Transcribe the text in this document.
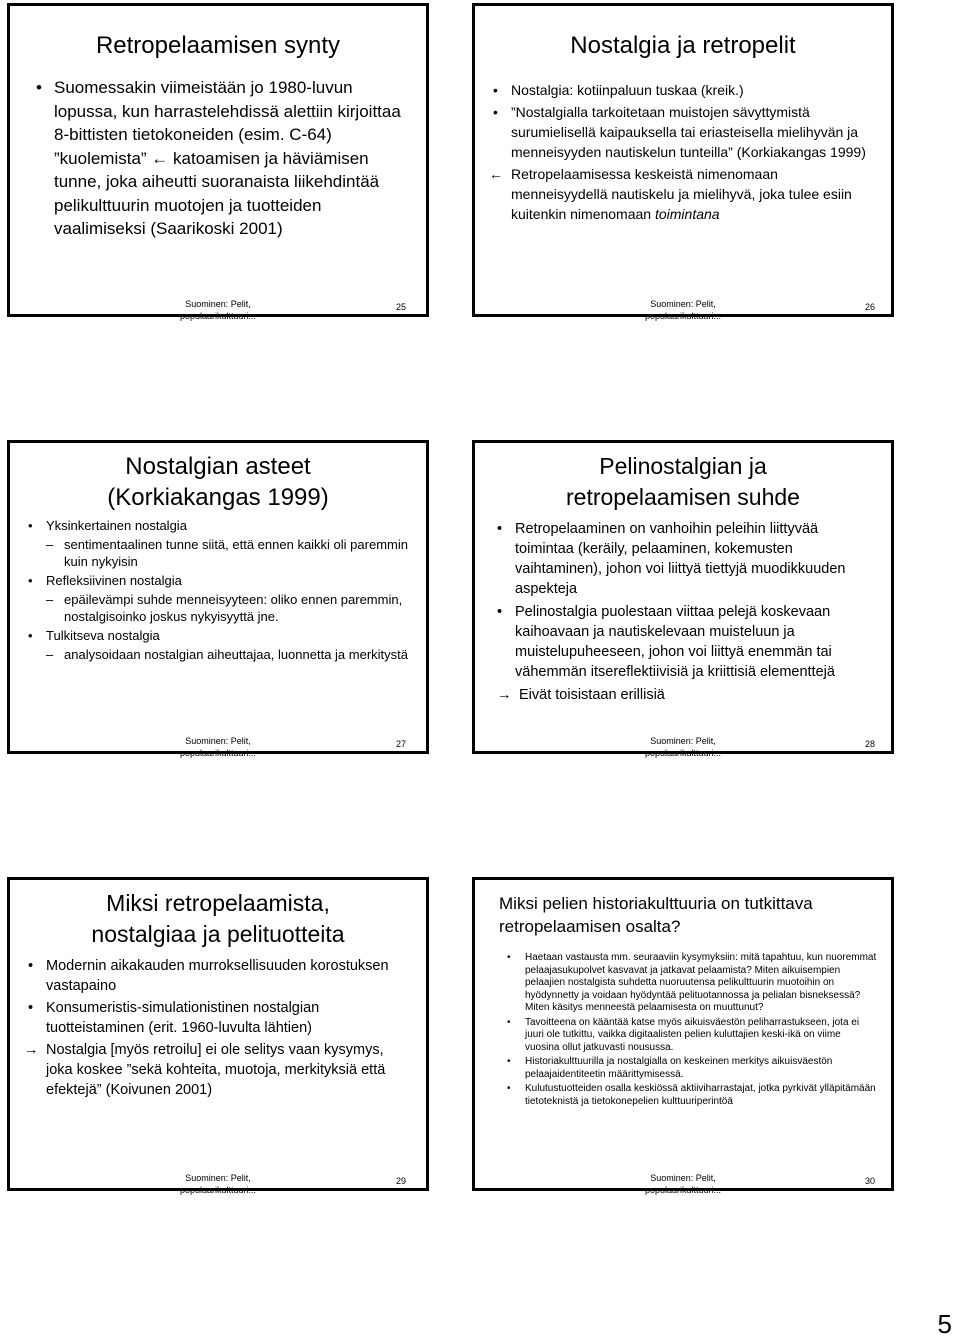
Retropelaamisen synty
• Suomessakin viimeistään jo 1980-luvun lopussa, kun harrastelehdissä alettiin kirjoittaa 8-bittisten tietokoneiden (esim. C-64) ”kuolemista” ← katoamisen ja häviämisen tunne, joka aiheutti suoranaista liikehdintää pelikulttuurin muotojen ja tuotteiden vaalimiseksi (Saarikoski 2001)
Suominen: Pelit,
populaarikulttuuri...
25
Nostalgia ja retropelit
• Nostalgia: kotiinpaluun tuskaa (kreik.)
• ”Nostalgialla tarkoitetaan muistojen sävyttymistä surumielisellä kaipauksella tai eriasteisella mielihyvän ja menneisyyden nautiskelun tunteilla” (Korkiakangas 1999)
← Retropelaamisessa keskeistä nimenomaan menneisyydellä nautiskelu ja mielihyvä, joka tulee esiin kuitenkin nimenomaan toimintana
Suominen: Pelit,
populaarikulttuuri...
26
Nostalgian asteet
(Korkiakangas 1999)
• Yksinkertainen nostalgia
– sentimentaalinen tunne siitä, että ennen kaikki oli paremmin kuin nykyisin
• Refleksiivinen nostalgia
– epäilevämpi suhde menneisyyteen: oliko ennen paremmin, nostalgisoinko joskus nykyisyyttä jne.
• Tulkitseva nostalgia
– analysoidaan nostalgian aiheuttajaa, luonnetta ja merkitystä
Suominen: Pelit,
populaarikulttuuri...
27
Pelinostalgian ja
retropelaamisen suhde
• Retropelaaminen on vanhoihin peleihin liittyvää toimintaa (keräily, pelaaminen, kokemusten vaihtaminen), johon voi liittyä tiettyjä muodikkuuden aspekteja
• Pelinostalgia puolestaan viittaa pelejä koskevaan kaihoavaan ja nautiskelevaan muisteluun ja muistelupuheeseen, johon voi liittyä enemmän tai vähemmän itsereflektiivisiä ja kriittisiä elementtejä
→ Eivät toisistaan erillisiä
Suominen: Pelit,
populaarikulttuuri...
28
Miksi retropelaamista,
nostalgiaa ja pelituotteita
• Modernin aikakauden murroksellisuuden korostuksen vastapaino
• Konsumeristis-simulationistinen nostalgian tuotteistaminen (erit. 1960-luvulta lähtien)
→ Nostalgia [myös retroilu] ei ole selitys vaan kysymys, joka koskee ”sekä kohteita, muotoja, merkityksiä että efektejä” (Koivunen 2001)
Suominen: Pelit,
populaarikulttuuri...
29
Miksi pelien historiakulttuuria on tutkittava retropelaamisen osalta?
• Haetaan vastausta mm. seuraaviin kysymyksiin: mitä tapahtuu, kun nuoremmat pelaajasukupolvet kasvavat ja jatkavat pelaamista? Miten aikuisempien pelaajien nostalgista suhdetta nuoruutensa pelikulttuurin muotoihin on hyödynnetty ja voidaan hyödyntää pelituotannossa ja pelialan bisneksessä? Miten käsitys menneestä pelaamisesta on muuttunut?
• Tavoitteena on kääntää katse myös aikuisväestön peliharrastukseen, jota ei juuri ole tutkittu, vaikka digitaalisten pelien kuluttajien keski-ikä on viime vuosina ollut jatkuvasti nousussa.
• Historiakulttuurilla ja nostalgialla on keskeinen merkitys aikuisväestön pelaajaidentiteetin määrittymisessä.
• Kulutustuotteiden osalla keskiössä aktiiviharrastajat, jotka pyrkivät ylläpitämään tietoteknistä ja tietokonepelien kulttuuriperintöä
Suominen: Pelit,
populaarikulttuuri...
30
5
